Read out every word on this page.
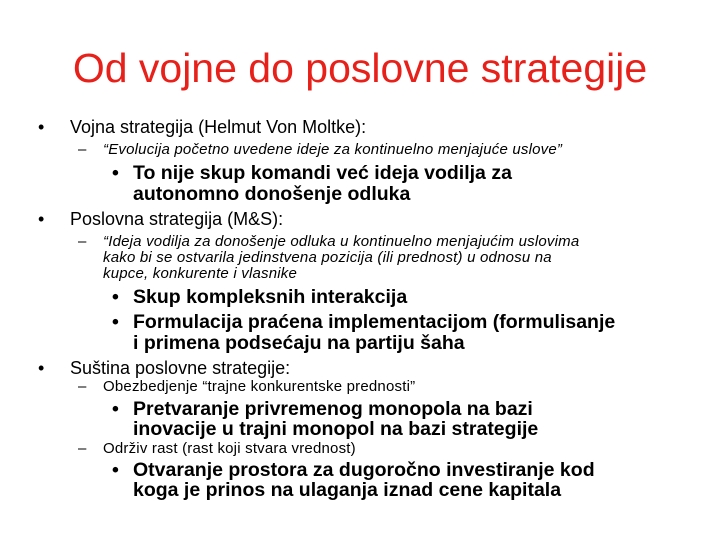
Od vojne do poslovne strategije
• Vojna strategija (Helmut Von Moltke):
– “Evolucija početno uvedene ideje za kontinuelno menjajuće uslove”
• To nije skup komandi već ideja vodilja za
autonomno donošenje odluka
• Poslovna strategija (M&S):
– “Ideja vodilja za donošenje odluka u kontinuelno menjajućim uslovima
kako bi se ostvarila jedinstvena pozicija (ili prednost) u odnosu na
kupce, konkurente i vlasnike
• Skup kompleksnih interakcija
• Formulacija praćena implementacijom (formulisanje
i primena podsećaju na partiju šaha
• Suština poslovne strategije:
– Obezbedjenje “trajne konkurentske prednosti”
• Pretvaranje privremenog monopola na bazi
inovacije u trajni monopol na bazi strategije
– Održiv rast (rast koji stvara vrednost)
• Otvaranje prostora za dugoročno investiranje kod
koga je prinos na ulaganja iznad cene kapitala
